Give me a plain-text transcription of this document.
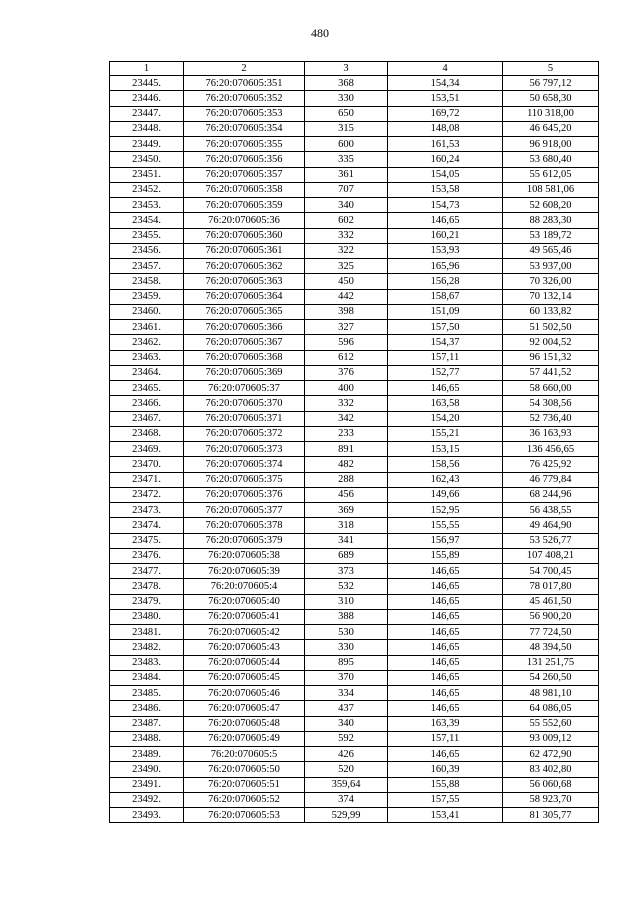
480
1	2	3	4	5
23445.	76:20:070605:351	368	154,34	56 797,12
23446.	76:20:070605:352	330	153,51	50 658,30
23447.	76:20:070605:353	650	169,72	110 318,00
23448.	76:20:070605:354	315	148,08	46 645,20
23449.	76:20:070605:355	600	161,53	96 918,00
23450.	76:20:070605:356	335	160,24	53 680,40
23451.	76:20:070605:357	361	154,05	55 612,05
23452.	76:20:070605:358	707	153,58	108 581,06
23453.	76:20:070605:359	340	154,73	52 608,20
23454.	76:20:070605:36	602	146,65	88 283,30
23455.	76:20:070605:360	332	160,21	53 189,72
23456.	76:20:070605:361	322	153,93	49 565,46
23457.	76:20:070605:362	325	165,96	53 937,00
23458.	76:20:070605:363	450	156,28	70 326,00
23459.	76:20:070605:364	442	158,67	70 132,14
23460.	76:20:070605:365	398	151,09	60 133,82
23461.	76:20:070605:366	327	157,50	51 502,50
23462.	76:20:070605:367	596	154,37	92 004,52
23463.	76:20:070605:368	612	157,11	96 151,32
23464.	76:20:070605:369	376	152,77	57 441,52
23465.	76:20:070605:37	400	146,65	58 660,00
23466.	76:20:070605:370	332	163,58	54 308,56
23467.	76:20:070605:371	342	154,20	52 736,40
23468.	76:20:070605:372	233	155,21	36 163,93
23469.	76:20:070605:373	891	153,15	136 456,65
23470.	76:20:070605:374	482	158,56	76 425,92
23471.	76:20:070605:375	288	162,43	46 779,84
23472.	76:20:070605:376	456	149,66	68 244,96
23473.	76:20:070605:377	369	152,95	56 438,55
23474.	76:20:070605:378	318	155,55	49 464,90
23475.	76:20:070605:379	341	156,97	53 526,77
23476.	76:20:070605:38	689	155,89	107 408,21
23477.	76:20:070605:39	373	146,65	54 700,45
23478.	76:20:070605:4	532	146,65	78 017,80
23479.	76:20:070605:40	310	146,65	45 461,50
23480.	76:20:070605:41	388	146,65	56 900,20
23481.	76:20:070605:42	530	146,65	77 724,50
23482.	76:20:070605:43	330	146,65	48 394,50
23483.	76:20:070605:44	895	146,65	131 251,75
23484.	76:20:070605:45	370	146,65	54 260,50
23485.	76:20:070605:46	334	146,65	48 981,10
23486.	76:20:070605:47	437	146,65	64 086,05
23487.	76:20:070605:48	340	163,39	55 552,60
23488.	76:20:070605:49	592	157,11	93 009,12
23489.	76:20:070605:5	426	146,65	62 472,90
23490.	76:20:070605:50	520	160,39	83 402,80
23491.	76:20:070605:51	359,64	155,88	56 060,68
23492.	76:20:070605:52	374	157,55	58 923,70
23493.	76:20:070605:53	529,99	153,41	81 305,77
